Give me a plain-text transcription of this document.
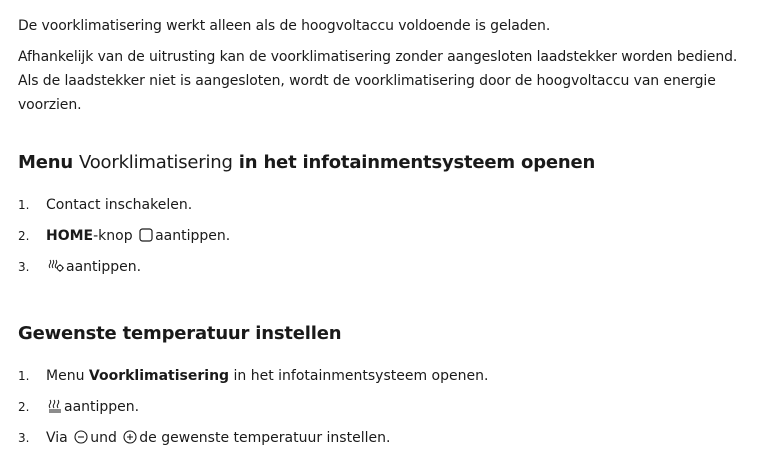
De voorklimatisering werkt alleen als de hoogvoltaccu voldoende is geladen.

Afhankelijk van de uitrusting kan de voorklimatisering zonder aangesloten laadstekker worden bediend. Als de laadstekker niet is aangesloten, wordt de voorklimatisering door de hoogvoltaccu van energie voorzien.

Menu Voorklimatisering in het infotainmentsysteem openen
1. Contact inschakelen.
2. HOME-knop aantippen.
3.	aantippen.
Gewenste temperatuur instellen
1. Menu Voorklimatisering in het infotainmentsysteem openen.
2. aantippen.
3. Via und de gewenste temperatuur instellen.
